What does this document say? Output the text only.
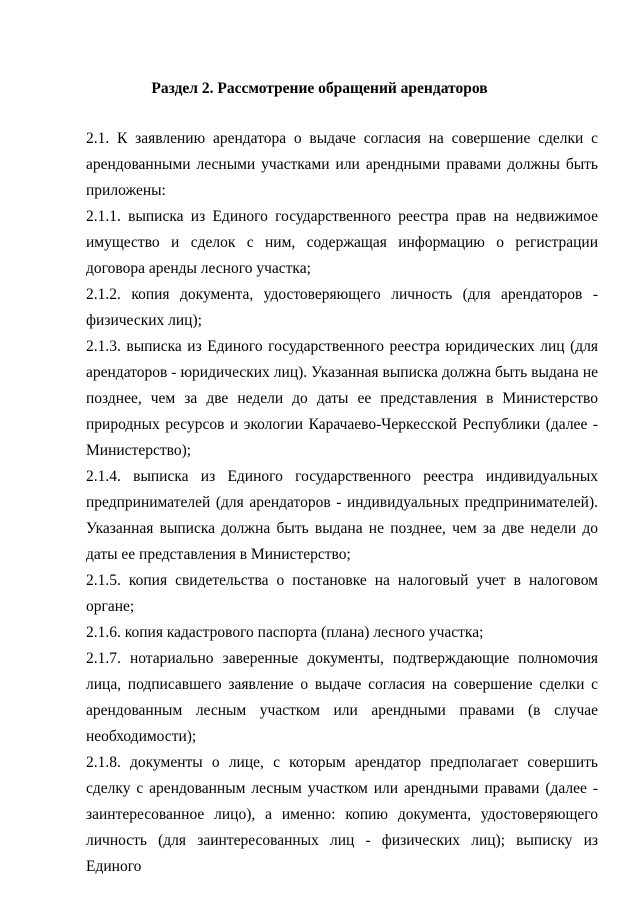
Раздел 2. Рассмотрение обращений арендаторов

2.1. К заявлению арендатора о выдаче согласия на совершение сделки с арендованными лесными участками или арендными правами должны быть приложены:

2.1.1. выписка из Единого государственного реестра прав на недвижимое имущество и сделок с ним, содержащая информацию о регистрации договора аренды лесного участка;

2.1.2. копия документа, удостоверяющего личность (для арендаторов - физических лиц);

2.1.3. выписка из Единого государственного реестра юридических лиц (для арендаторов - юридических лиц). Указанная выписка должна быть выдана не позднее, чем за две недели до даты ее представления в Министерство природных ресурсов и экологии Карачаево-Черкесской Республики (далее - Министерство);

2.1.4. выписка из Единого государственного реестра индивидуальных предпринимателей (для арендаторов - индивидуальных предпринимателей). Указанная выписка должна быть выдана не позднее, чем за две недели до даты ее представления в Министерство;

2.1.5. копия свидетельства о постановке на налоговый учет в налоговом органе;

2.1.6. копия кадастрового паспорта (плана) лесного участка;

2.1.7. нотариально заверенные документы, подтверждающие полномочия лица, подписавшего заявление о выдаче согласия на совершение сделки с арендованным лесным участком или арендными правами (в случае необходимости);

2.1.8. документы о лице, с которым арендатор предполагает совершить сделку с арендованным лесным участком или арендными правами (далее - заинтересованное лицо), а именно: копию документа, удостоверяющего личность (для заинтересованных лиц - физических лиц); выписку из Единого
